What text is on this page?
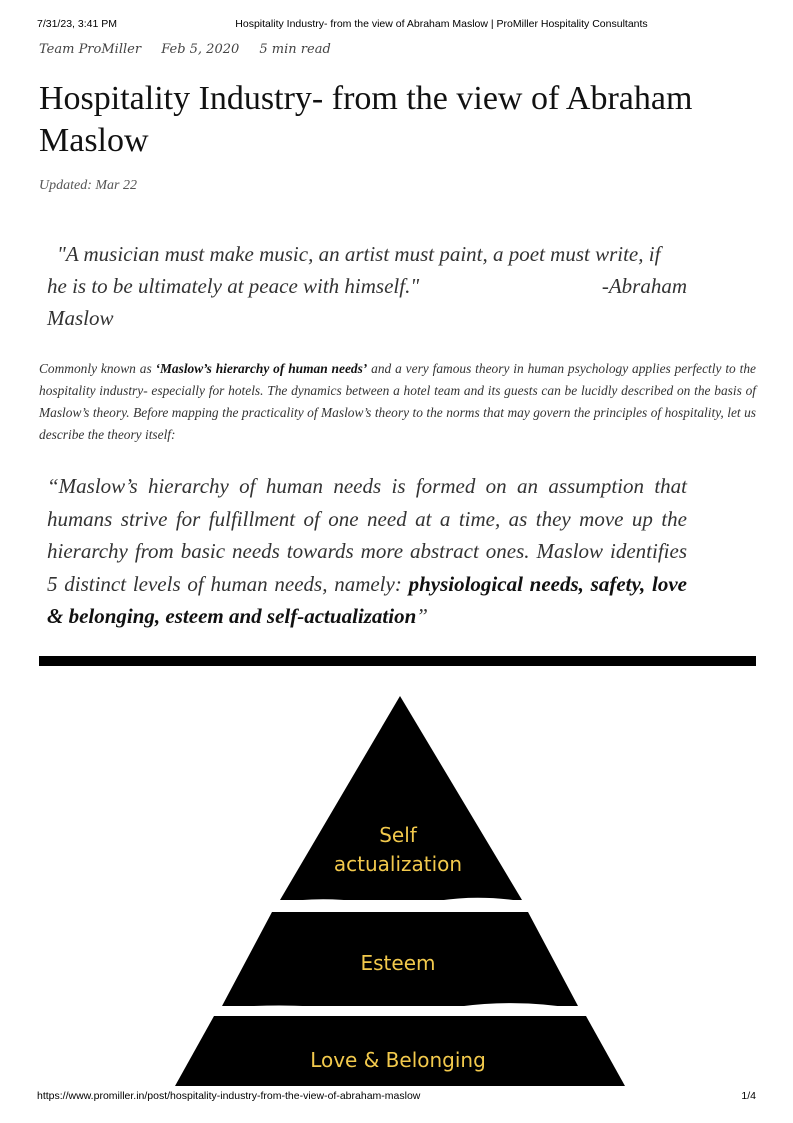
7/31/23, 3:41 PM	Hospitality Industry- from the view of Abraham Maslow | ProMiller Hospitality Consultants
Team ProMiller Feb 5, 2020 5 min read
Hospitality Industry- from the view of Abraham Maslow
Updated: Mar 22

"A musician must make music, an artist must paint, a poet must write, if
he is to be ultimately at peace with himself."	-Abraham
Maslow

Commonly known as ‘Maslow’s hierarchy of human needs’ and a very famous theory in human psychology applies perfectly to the hospitality industry- especially for hotels. The dynamics between a hotel team and its guests can be lucidly described on the basis of Maslow’s theory. Before mapping the practicality of Maslow’s theory to the norms that may govern the principles of hospitality, let us describe the theory itself:

“Maslow’s hierarchy of human needs is formed on an assumption that humans strive for fulfillment of one need at a time, as they move up the hierarchy from basic needs towards more abstract ones. Maslow identifies 5 distinct levels of human needs, namely: physiological needs, safety, love & belonging, esteem and self-actualization”

Self
actualization
Esteem
Love & Belonging
https://www.promiller.in/post/hospitality-industry-from-the-view-of-abraham-maslow	1/4
